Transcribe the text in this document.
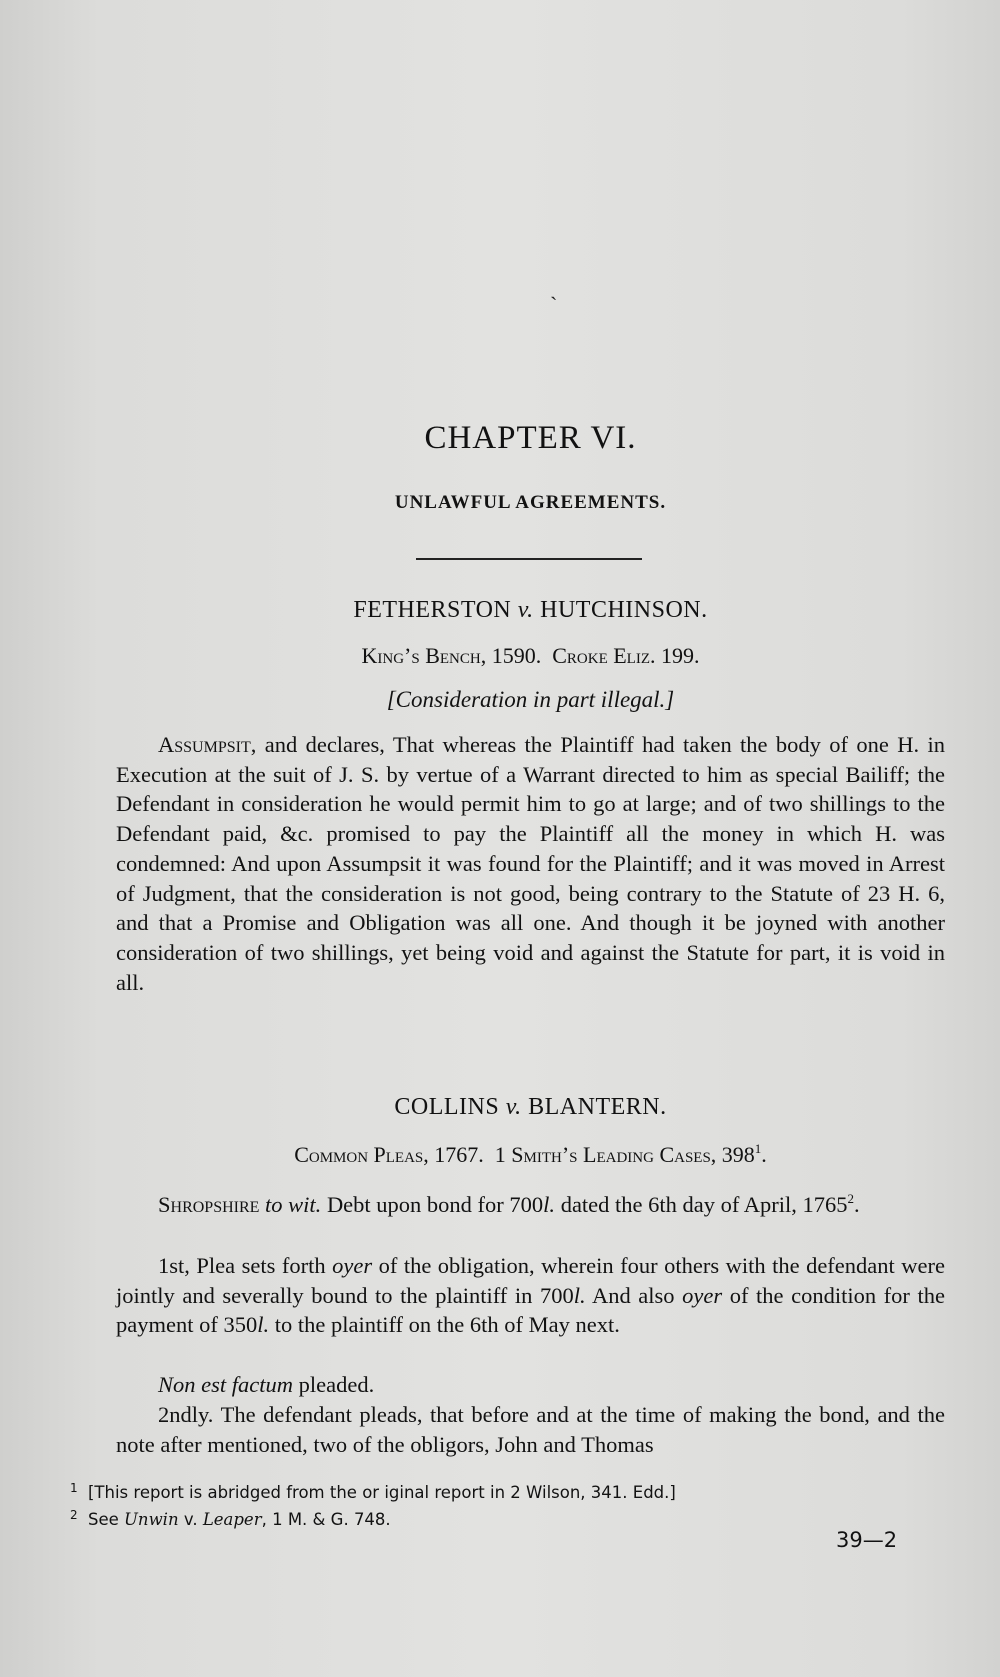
`
CHAPTER VI.
UNLAWFUL AGREEMENTS.
FETHERSTON v. HUTCHINSON.
King’s Bench, 1590. Croke Eliz. 199.
[Consideration in part illegal.]

Assumpsit, and declares, That whereas the Plaintiff had taken the body of one H. in Execution at the suit of J. S. by vertue of a Warrant directed to him as special Bailiff; the Defendant in consideration he would permit him to go at large; and of two shillings to the Defendant paid, &c. promised to pay the Plaintiff all the money in which H. was condemned: And upon Assumpsit it was found for the Plaintiff; and it was moved in Arrest of Judgment, that the consideration is not good, being contrary to the Statute of 23 H. 6, and that a Promise and Obligation was all one. And though it be joyned with another consideration of two shillings, yet being void and against the Statute for part, it is void in all.

COLLINS v. BLANTERN.
Common Pleas, 1767.  1 Smith’s Leading Cases, $398^1$.

Shropshire to wit. Debt upon bond for 700l. dated the 6th day of April, 1765$^2$.

1st, Plea sets forth oyer of the obligation, wherein four others with the defendant were jointly and severally bound to the plaintiff in 700l. And also oyer of the condition for the payment of 350l. to the plaintiff on the 6th of May next.

Non est factum pleaded.

2ndly. The defendant pleads, that before and at the time of making the bond, and the note after mentioned, two of the obligors, John and Thomas

1 [This report is abridged from the or iginal report in 2 Wilson, 341. Edd.]

2 See Unwin v. Leaper, 1 M. & G. 748.

39—2
